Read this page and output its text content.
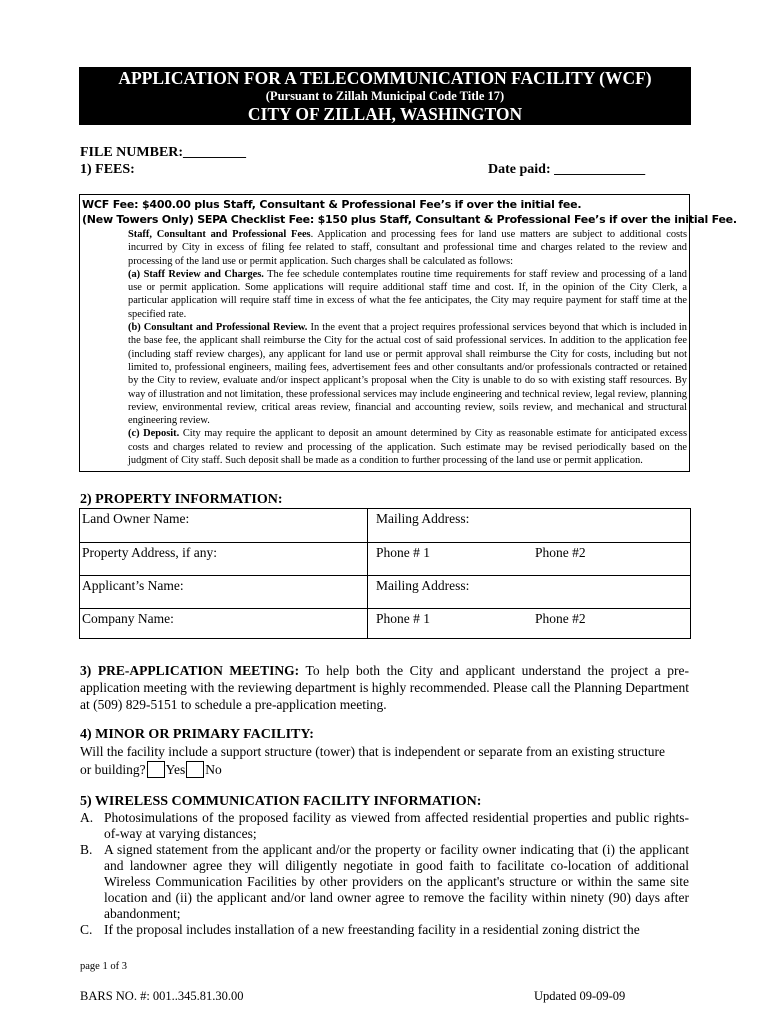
APPLICATION FOR A TELECOMMUNICATION FACILITY (WCF)
(Pursuant to Zillah Municipal Code Title 17)
CITY OF ZILLAH, WASHINGTON
FILE NUMBER:_________
1) FEES:	Date paid: _____________
WCF Fee: $400.00 plus Staff, Consultant & Professional Fee’s if over the initial fee.
(New Towers Only) SEPA Checklist Fee: $150 plus Staff, Consultant & Professional Fee’s if over the initial Fee.

Staff, Consultant and Professional Fees. Application and processing fees for land use matters are subject to additional costs incurred by City in excess of filing fee related to staff, consultant and professional time and charges related to the review and processing of the land use or permit application. Such charges shall be calculated as follows:

(a) Staff Review and Charges. The fee schedule contemplates routine time requirements for staff review and processing of a land use or permit application. Some applications will require additional staff time and cost. If, in the opinion of the City Clerk, a particular application will require staff time in excess of what the fee anticipates, the City may require payment for staff time at the specified rate.

(b) Consultant and Professional Review. In the event that a project requires professional services beyond that which is included in the base fee, the applicant shall reimburse the City for the actual cost of said professional services. In addition to the application fee (including staff review charges), any applicant for land use or permit approval shall reimburse the City for costs, including but not limited to, professional engineers, mailing fees, advertisement fees and other consultants and/or professionals contracted or retained by the City to review, evaluate and/or inspect applicant’s proposal when the City is unable to do so with existing staff resources. By way of illustration and not limitation, these professional services may include engineering and technical review, legal review, planning review, environmental review, critical areas review, financial and accounting review, soils review, and mechanical and structural engineering review.

(c) Deposit. City may require the applicant to deposit an amount determined by City as reasonable estimate for anticipated excess costs and charges related to review and processing of the application. Such estimate may be revised periodically based on the judgment of City staff. Such deposit shall be made as a condition to further processing of the land use or permit application.

2) PROPERTY INFORMATION:
Land Owner Name:	Mailing Address:
Property Address, if any:	Phone # 1	Phone #2
Applicant’s Name:	Mailing Address:
Company Name:	Phone # 1	Phone #2

3) PRE-APPLICATION MEETING: To help both the City and applicant understand the project a pre-application meeting with the reviewing department is highly recommended. Please call the Planning Department at (509) 829-5151 to schedule a pre-application meeting.

4) MINOR OR PRIMARY FACILITY:
Will the facility include a support structure (tower) that is independent or separate from an existing structure
or building? Yes No
5) WIRELESS COMMUNICATION FACILITY INFORMATION:
A. Photosimulations of the proposed facility as viewed from affected residential properties and public rights-of-way at varying distances;
B. A signed statement from the applicant and/or the property or facility owner indicating that (i) the applicant and landowner agree they will diligently negotiate in good faith to facilitate co-location of additional Wireless Communication Facilities by other providers on the applicant's structure or within the same site location and (ii) the applicant and/or land owner agree to remove the facility within ninety (90) days after abandonment;
C. If the proposal includes installation of a new freestanding facility in a residential zoning district the
page 1 of 3
BARS NO. #: 001..345.81.30.00	Updated 09-09-09
